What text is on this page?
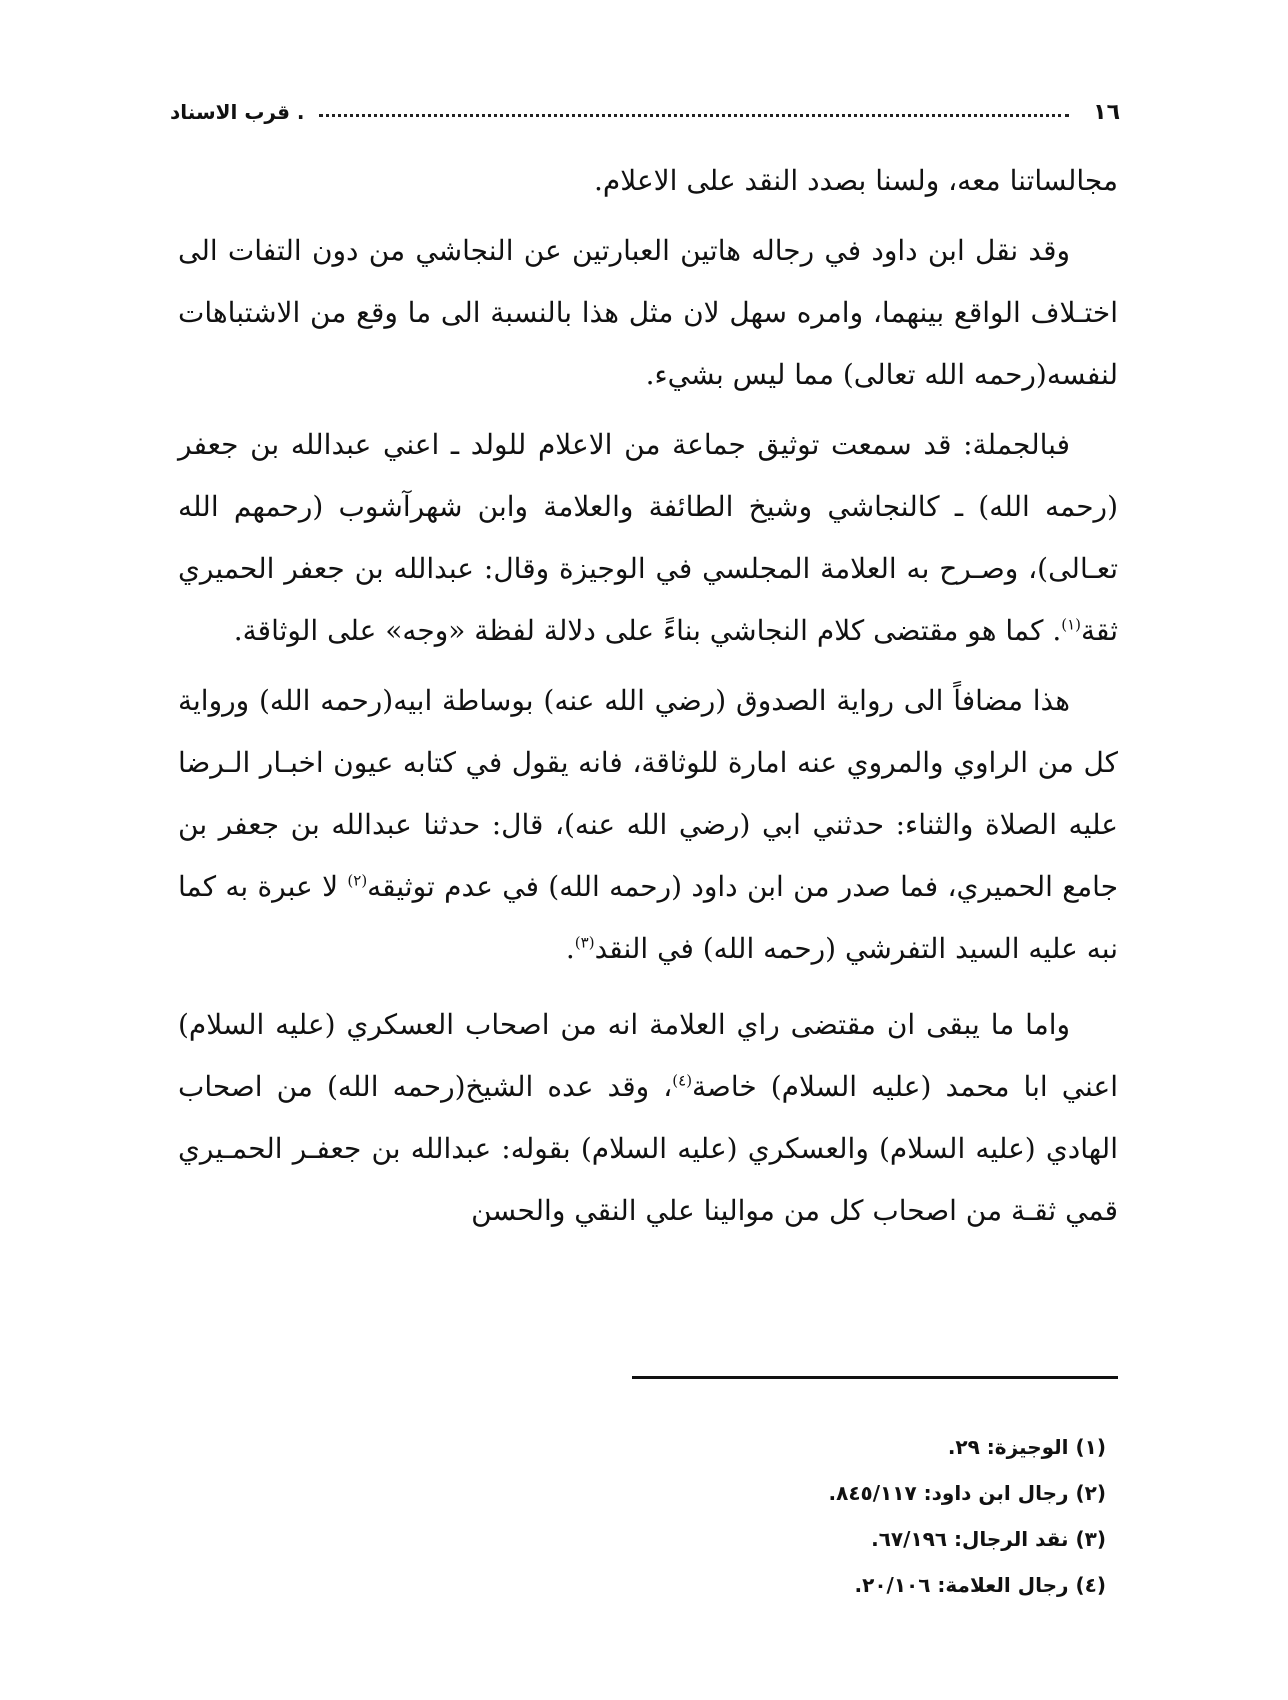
١٦
. قرب الاسناد

مجالساتنا معه، ولسنا بصدد النقد على الاعلام.

وقد نقل ابن داود في رجاله هاتين العبارتين عن النجاشي من دون التفات الى اختـلاف الواقع بينهما، وامره سهل لان مثل هذا بالنسبة الى ما وقع من الاشتباهات لنفسه(رحمه الله تعالى) مما ليس بشيء.

فبالجملة: قد سمعت توثيق جماعة من الاعلام للولد ـ اعني عبدالله بن جعفر (رحمه الله) ـ كالنجاشي وشيخ الطائفة والعلامة وابن شهرآشوب (رحمهم الله تعـالى)، وصـرح به العلامة المجلسي في الوجيزة وقال: عبدالله بن جعفر الحميري ثقة$^{(١)}$. كما هو مقتضى كلام النجاشي بناءً على دلالة لفظة «وجه» على الوثاقة.

هذا مضافاً الى رواية الصدوق (رضي الله عنه) بوساطة ابيه(رحمه الله) ورواية كل من الراوي والمروي عنه امارة للوثاقة، فانه يقول في كتابه عيون اخبـار الـرضا عليه الصلاة والثناء: حدثني ابي (رضي الله عنه)، قال: حدثنا عبدالله بن جعفر بن جامع الحميري، فما صدر من ابن داود (رحمه الله) في عدم توثيقه$^{(٢)}$ لا عبرة به كما نبه عليه السيد التفرشي (رحمه الله) في النقد$^{(٣)}$.

واما ما يبقى ان مقتضى راي العلامة انه من اصحاب العسكري (عليه السلام) اعني ابا محمد (عليه السلام) خاصة$^{(٤)}$، وقد عده الشيخ(رحمه الله) من اصحاب الهادي (عليه السلام) والعسكري (عليه السلام) بقوله: عبدالله بن جعفـر الحمـيري قمي ثقـة من اصحاب كل من موالينا علي النقي والحسن

(١) الوجيزة: ٢٩.
(٢) رجال ابن داود: ٨٤٥/١١٧.
(٣) نقد الرجال: ٦٧/١٩٦.
(٤) رجال العلامة: ٢٠/١٠٦.
